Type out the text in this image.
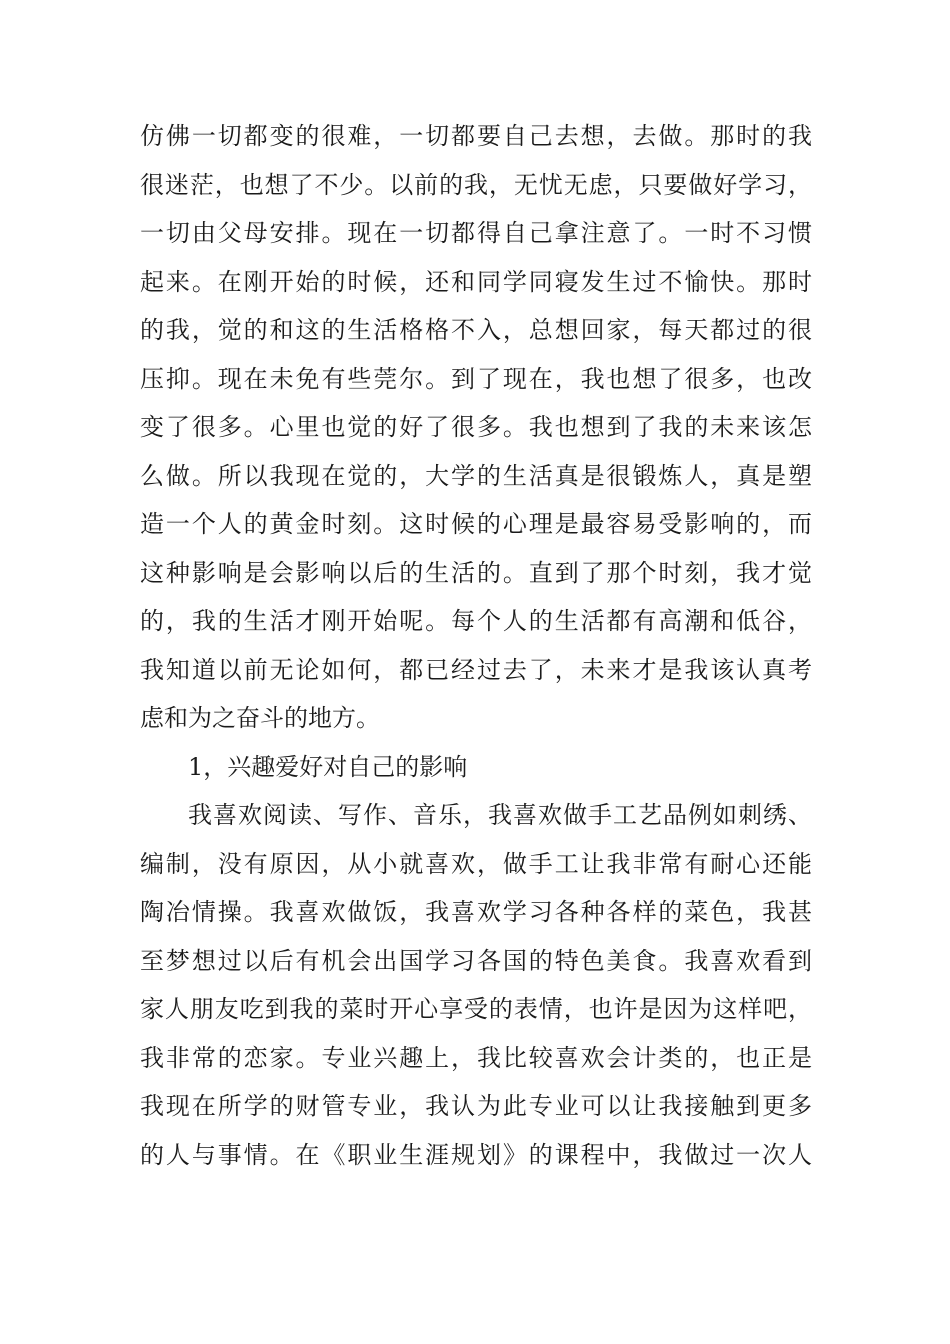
仿佛一切都变的很难，一切都要自己去想，去做。那时的我
很迷茫，也想了不少。以前的我，无忧无虑，只要做好学习，
一切由父母安排。现在一切都得自己拿注意了。一时不习惯
起来。在刚开始的时候，还和同学同寝发生过不愉快。那时
的我，觉的和这的生活格格不入，总想回家，每天都过的很
压抑。现在未免有些莞尔。到了现在，我也想了很多，也改
变了很多。心里也觉的好了很多。我也想到了我的未来该怎
么做。所以我现在觉的，大学的生活真是很锻炼人，真是塑
造一个人的黄金时刻。这时候的心理是最容易受影响的，而
这种影响是会影响以后的生活的。直到了那个时刻，我才觉
的，我的生活才刚开始呢。每个人的生活都有高潮和低谷，
我知道以前无论如何，都已经过去了，未来才是我该认真考
虑和为之奋斗的地方。
1，兴趣爱好对自己的影响
我喜欢阅读、写作、音乐，我喜欢做手工艺品例如刺绣、
编制，没有原因，从小就喜欢，做手工让我非常有耐心还能
陶冶情操。我喜欢做饭，我喜欢学习各种各样的菜色，我甚
至梦想过以后有机会出国学习各国的特色美食。我喜欢看到
家人朋友吃到我的菜时开心享受的表情，也许是因为这样吧，
我非常的恋家。专业兴趣上，我比较喜欢会计类的，也正是
我现在所学的财管专业，我认为此专业可以让我接触到更多
的人与事情。在《职业生涯规划》的课程中，我做过一次人
